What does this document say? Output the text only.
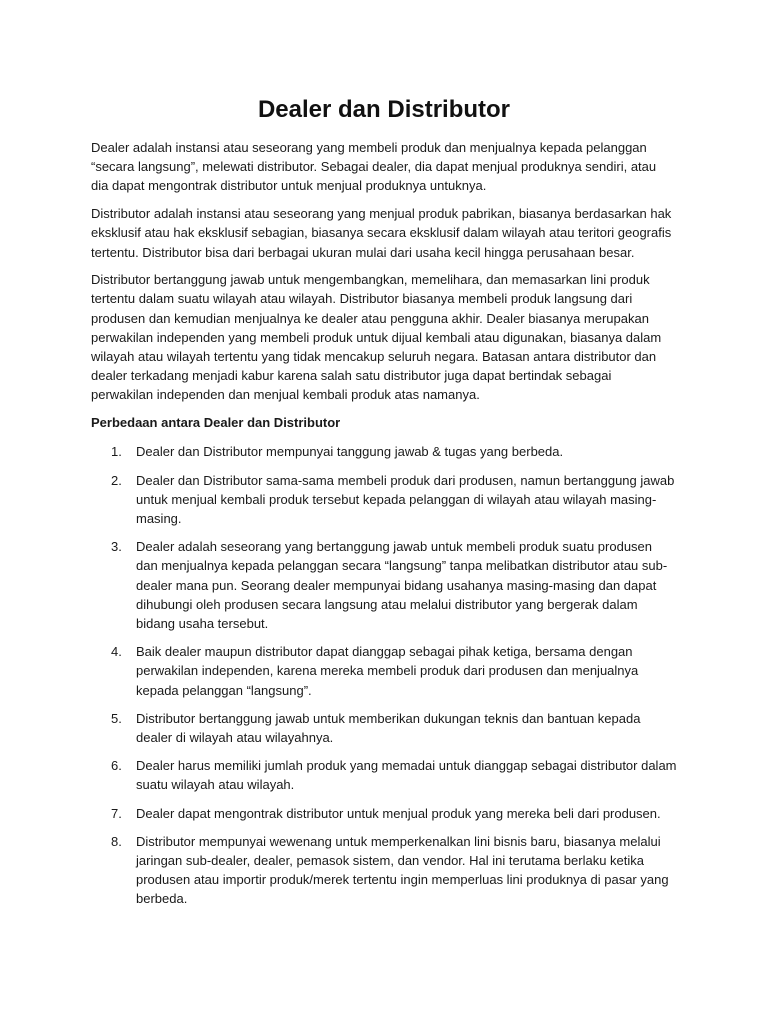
Dealer dan Distributor

Dealer adalah instansi atau seseorang yang membeli produk dan menjualnya kepada pelanggan “secara langsung”, melewati distributor. Sebagai dealer, dia dapat menjual produknya sendiri, atau dia dapat mengontrak distributor untuk menjual produknya untuknya.

Distributor adalah instansi atau seseorang yang menjual produk pabrikan, biasanya berdasarkan hak eksklusif atau hak eksklusif sebagian, biasanya secara eksklusif dalam wilayah atau teritori geografis tertentu. Distributor bisa dari berbagai ukuran mulai dari usaha kecil hingga perusahaan besar.

Distributor bertanggung jawab untuk mengembangkan, memelihara, dan memasarkan lini produk tertentu dalam suatu wilayah atau wilayah. Distributor biasanya membeli produk langsung dari produsen dan kemudian menjualnya ke dealer atau pengguna akhir. Dealer biasanya merupakan perwakilan independen yang membeli produk untuk dijual kembali atau digunakan, biasanya dalam wilayah atau wilayah tertentu yang tidak mencakup seluruh negara. Batasan antara distributor dan dealer terkadang menjadi kabur karena salah satu distributor juga dapat bertindak sebagai perwakilan independen dan menjual kembali produk atas namanya.

Perbedaan antara Dealer dan Distributor
1. Dealer dan Distributor mempunyai tanggung jawab & tugas yang berbeda.
2. Dealer dan Distributor sama-sama membeli produk dari produsen, namun bertanggung jawab untuk menjual kembali produk tersebut kepada pelanggan di wilayah atau wilayah masing-masing.
3. Dealer adalah seseorang yang bertanggung jawab untuk membeli produk suatu produsen dan menjualnya kepada pelanggan secara “langsung” tanpa melibatkan distributor atau sub-dealer mana pun. Seorang dealer mempunyai bidang usahanya masing-masing dan dapat dihubungi oleh produsen secara langsung atau melalui distributor yang bergerak dalam bidang usaha tersebut.
4. Baik dealer maupun distributor dapat dianggap sebagai pihak ketiga, bersama dengan perwakilan independen, karena mereka membeli produk dari produsen dan menjualnya kepada pelanggan “langsung”.
5. Distributor bertanggung jawab untuk memberikan dukungan teknis dan bantuan kepada dealer di wilayah atau wilayahnya.
6. Dealer harus memiliki jumlah produk yang memadai untuk dianggap sebagai distributor dalam suatu wilayah atau wilayah.
7. Dealer dapat mengontrak distributor untuk menjual produk yang mereka beli dari produsen.
8. Distributor mempunyai wewenang untuk memperkenalkan lini bisnis baru, biasanya melalui jaringan sub-dealer, dealer, pemasok sistem, dan vendor. Hal ini terutama berlaku ketika produsen atau importir produk/merek tertentu ingin memperluas lini produknya di pasar yang berbeda.
